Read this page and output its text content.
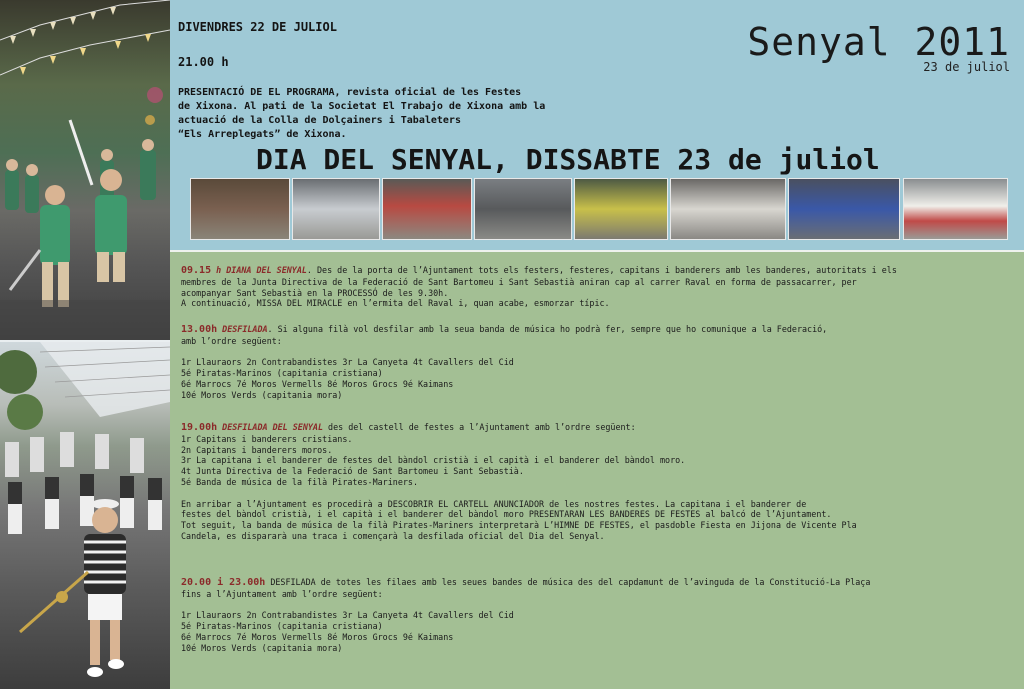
DIVENDRES 22 DE JULIOL
21.00 h
PRESENTACIÓ DE EL PROGRAMA, revista oficial de les Festes
de Xixona. Al pati de la Societat El Trabajo de Xixona amb la
actuació de la Colla de Dolçainers i Tabaleters
“Els Arreplegats” de Xixona.
Senyal 2011
23 de juliol
DIA DEL SENYAL, DISSABTE 23 de juliol
09.15 h DIANA DEL SENYAL. Des de la porta de l’Ajuntament tots els festers, festeres, capitans i banderers amb les banderes, autoritats i els
membres de la Junta Directiva de la Federació de Sant Bartomeu i Sant Sebastià aniran cap al carrer Raval en forma de passacarrer, per
acompanyar Sant Sebastià en la PROCESSÓ de les 9.30h.
A continuació, MISSA DEL MIRACLE en l’ermita del Raval i, quan acabe, esmorzar típic.
13.00h DESFILADA. Si alguna filà vol desfilar amb la seua banda de música ho podrà fer, sempre que ho comunique a la Federació,
amb l’ordre següent:
1r Llauraors 2n Contrabandistes 3r La Canyeta 4t Cavallers del Cid
5é Piratas-Marinos (capitania cristiana)
6é Marrocs 7é Moros Vermells 8é Moros Grocs 9é Kaimans
10é Moros Verds (capitania mora)
19.00h DESFILADA DEL SENYAL des del castell de festes a l’Ajuntament amb l’ordre següent:
1r Capitans i banderers cristians.
2n Capitans i banderers moros.
3r La capitana i el banderer de festes del bàndol cristià i el capità i el banderer del bàndol moro.
4t Junta Directiva de la Federació de Sant Bartomeu i Sant Sebastià.
5é Banda de música de la filà Pirates-Mariners.
En arribar a l’Ajuntament es procedirà a DESCOBRIR EL CARTELL ANUNCIADOR de les nostres festes. La capitana i el banderer de
festes del bàndol cristià, i el capità i el banderer del bàndol moro PRESENTARAN LES BANDERES DE FESTES al balcó de l’Ajuntament.
Tot seguit, la banda de música de la filà Pirates-Mariners interpretarà L’HIMNE DE FESTES, el pasdoble Fiesta en Jijona de Vicente Pla
Candela, es dispararà una traca i començarà la desfilada oficial del Dia del Senyal.
20.00 i 23.00h DESFILADA de totes les filaes amb les seues bandes de música des del capdamunt de l’avinguda de la Constitució-La Plaça
fins a l’Ajuntament amb l’ordre següent:
1r Llauraors 2n Contrabandistes 3r La Canyeta 4t Cavallers del Cid
5é Piratas-Marinos (capitania cristiana)
6é Marrocs 7é Moros Vermells 8é Moros Grocs 9é Kaimans
10é Moros Verds (capitania mora)
